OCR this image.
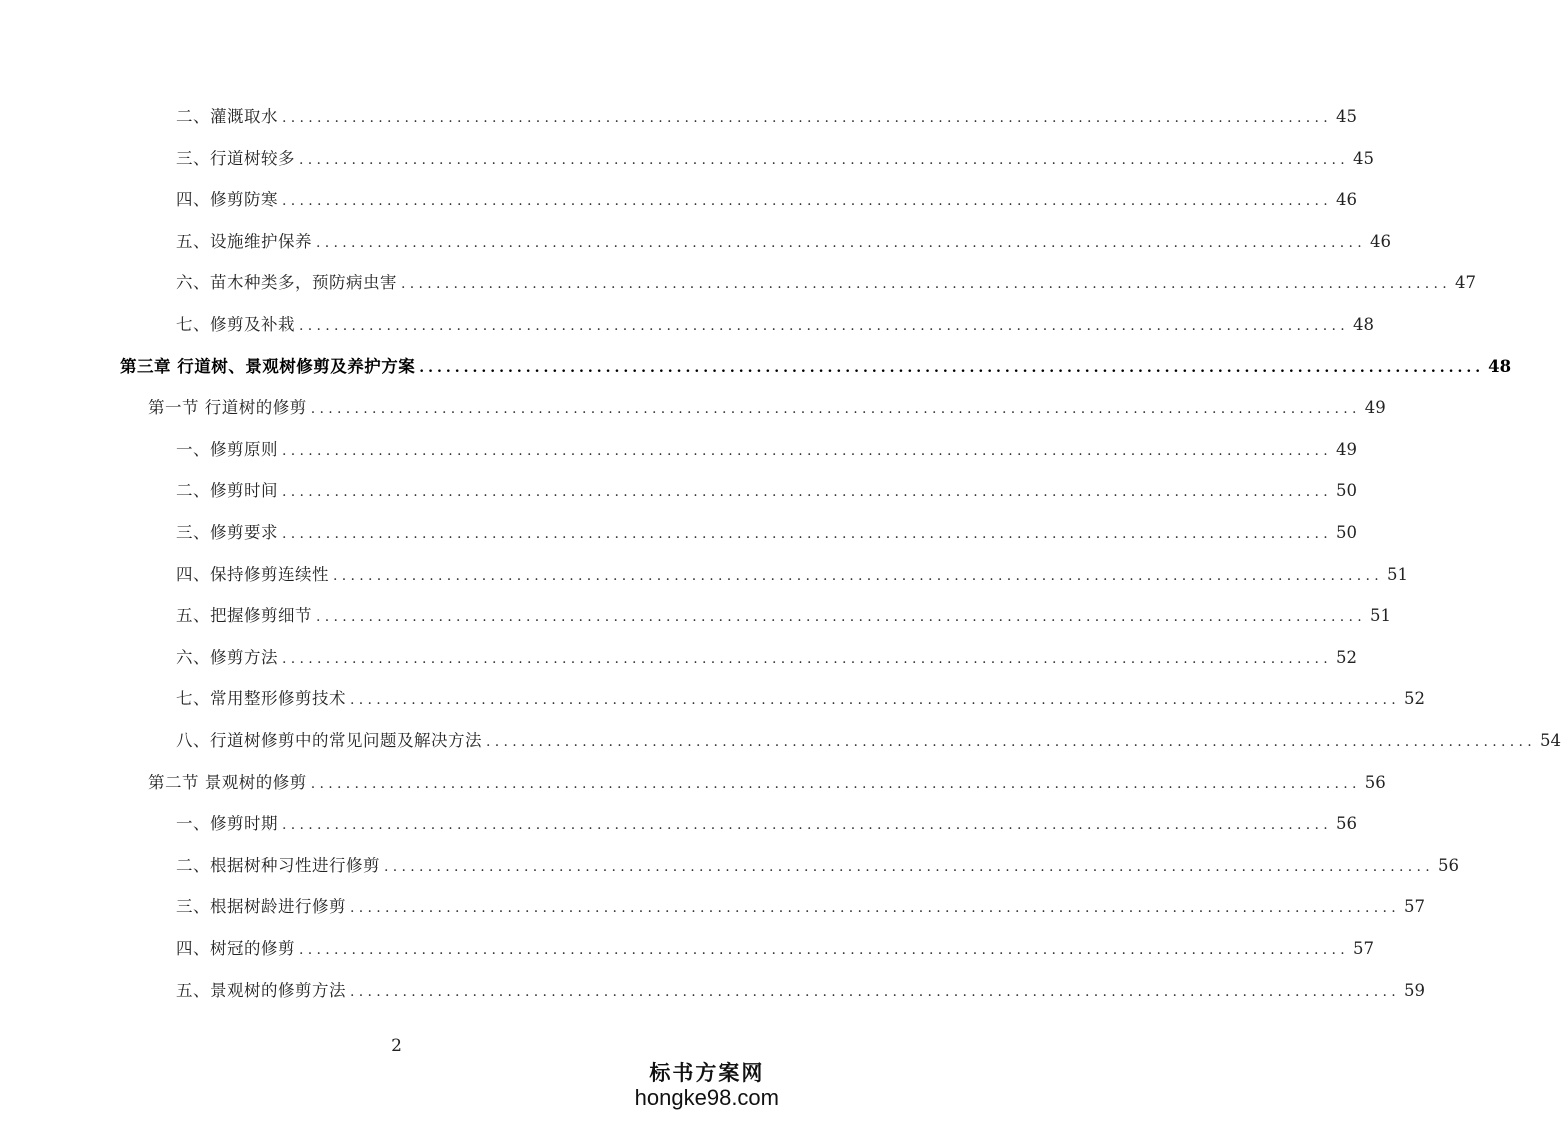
二、灌溉取水 ........................................................................................................................ 45
三、行道树较多 ........................................................................................................................ 45
四、修剪防寒 ........................................................................................................................ 46
五、设施维护保养 ........................................................................................................................ 46
六、苗木种类多，预防病虫害 ........................................................................................................................ 47
七、修剪及补栽 ........................................................................................................................ 48
第三章 行道树、景观树修剪及养护方案 ........................................................................................................................ 48
第一节 行道树的修剪 ........................................................................................................................ 49
一、修剪原则 ........................................................................................................................ 49
二、修剪时间 ........................................................................................................................ 50
三、修剪要求 ........................................................................................................................ 50
四、保持修剪连续性 ........................................................................................................................ 51
五、把握修剪细节 ........................................................................................................................ 51
六、修剪方法 ........................................................................................................................ 52
七、常用整形修剪技术 ........................................................................................................................ 52
八、行道树修剪中的常见问题及解决方法 ........................................................................................................................ 54
第二节 景观树的修剪 ........................................................................................................................ 56
一、修剪时期 ........................................................................................................................ 56
二、根据树种习性进行修剪 ........................................................................................................................ 56
三、根据树龄进行修剪 ........................................................................................................................ 57
四、树冠的修剪 ........................................................................................................................ 57
五、景观树的修剪方法 ........................................................................................................................ 59
2
标书方案网
hongke98.com
